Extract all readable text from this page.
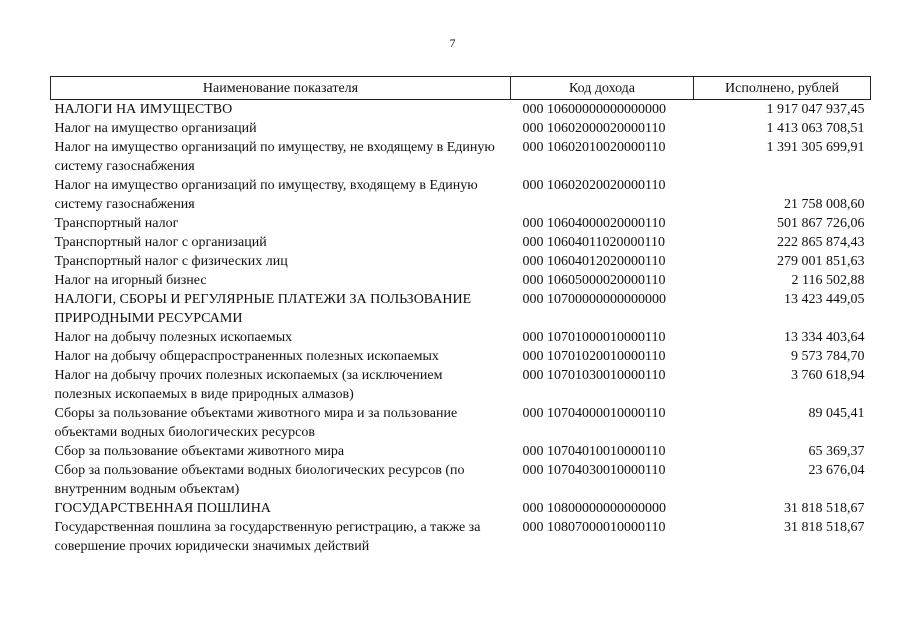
7
Наименование показателя	Код дохода	Исполнено, рублей
НАЛОГИ НА ИМУЩЕСТВО	000 10600000000000000	1 917 047 937,45
Налог на имущество организаций	000 10602000020000110	1 413 063 708,51
Налог на имущество организаций по имуществу, не входящему в Единую систему газоснабжения	000 10602010020000110	1 391 305 699,91
Налог на имущество организаций по имуществу, входящему в Единую систему газоснабжения	000 10602020020000110	21 758 008,60
Транспортный налог	000 10604000020000110	501 867 726,06
Транспортный налог с организаций	000 10604011020000110	222 865 874,43
Транспортный налог с физических лиц	000 10604012020000110	279 001 851,63
Налог на игорный бизнес	000 10605000020000110	2 116 502,88
НАЛОГИ, СБОРЫ И РЕГУЛЯРНЫЕ ПЛАТЕЖИ ЗА ПОЛЬЗОВАНИЕ ПРИРОДНЫМИ РЕСУРСАМИ	000 10700000000000000	13 423 449,05
Налог на добычу полезных ископаемых	000 10701000010000110	13 334 403,64
Налог на добычу общераспространенных полезных ископаемых	000 10701020010000110	9 573 784,70
Налог на добычу прочих полезных ископаемых (за исключением полезных ископаемых в виде природных алмазов)	000 10701030010000110	3 760 618,94
Сборы за пользование объектами животного мира и за пользование объектами водных биологических ресурсов	000 10704000010000110	89 045,41
Сбор за пользование объектами животного мира	000 10704010010000110	65 369,37
Сбор за пользование объектами водных биологических ресурсов (по внутренним водным объектам)	000 10704030010000110	23 676,04
ГОСУДАРСТВЕННАЯ ПОШЛИНА	000 10800000000000000	31 818 518,67
Государственная пошлина за государственную регистрацию, а также за совершение прочих юридически значимых действий	000 10807000010000110	31 818 518,67
